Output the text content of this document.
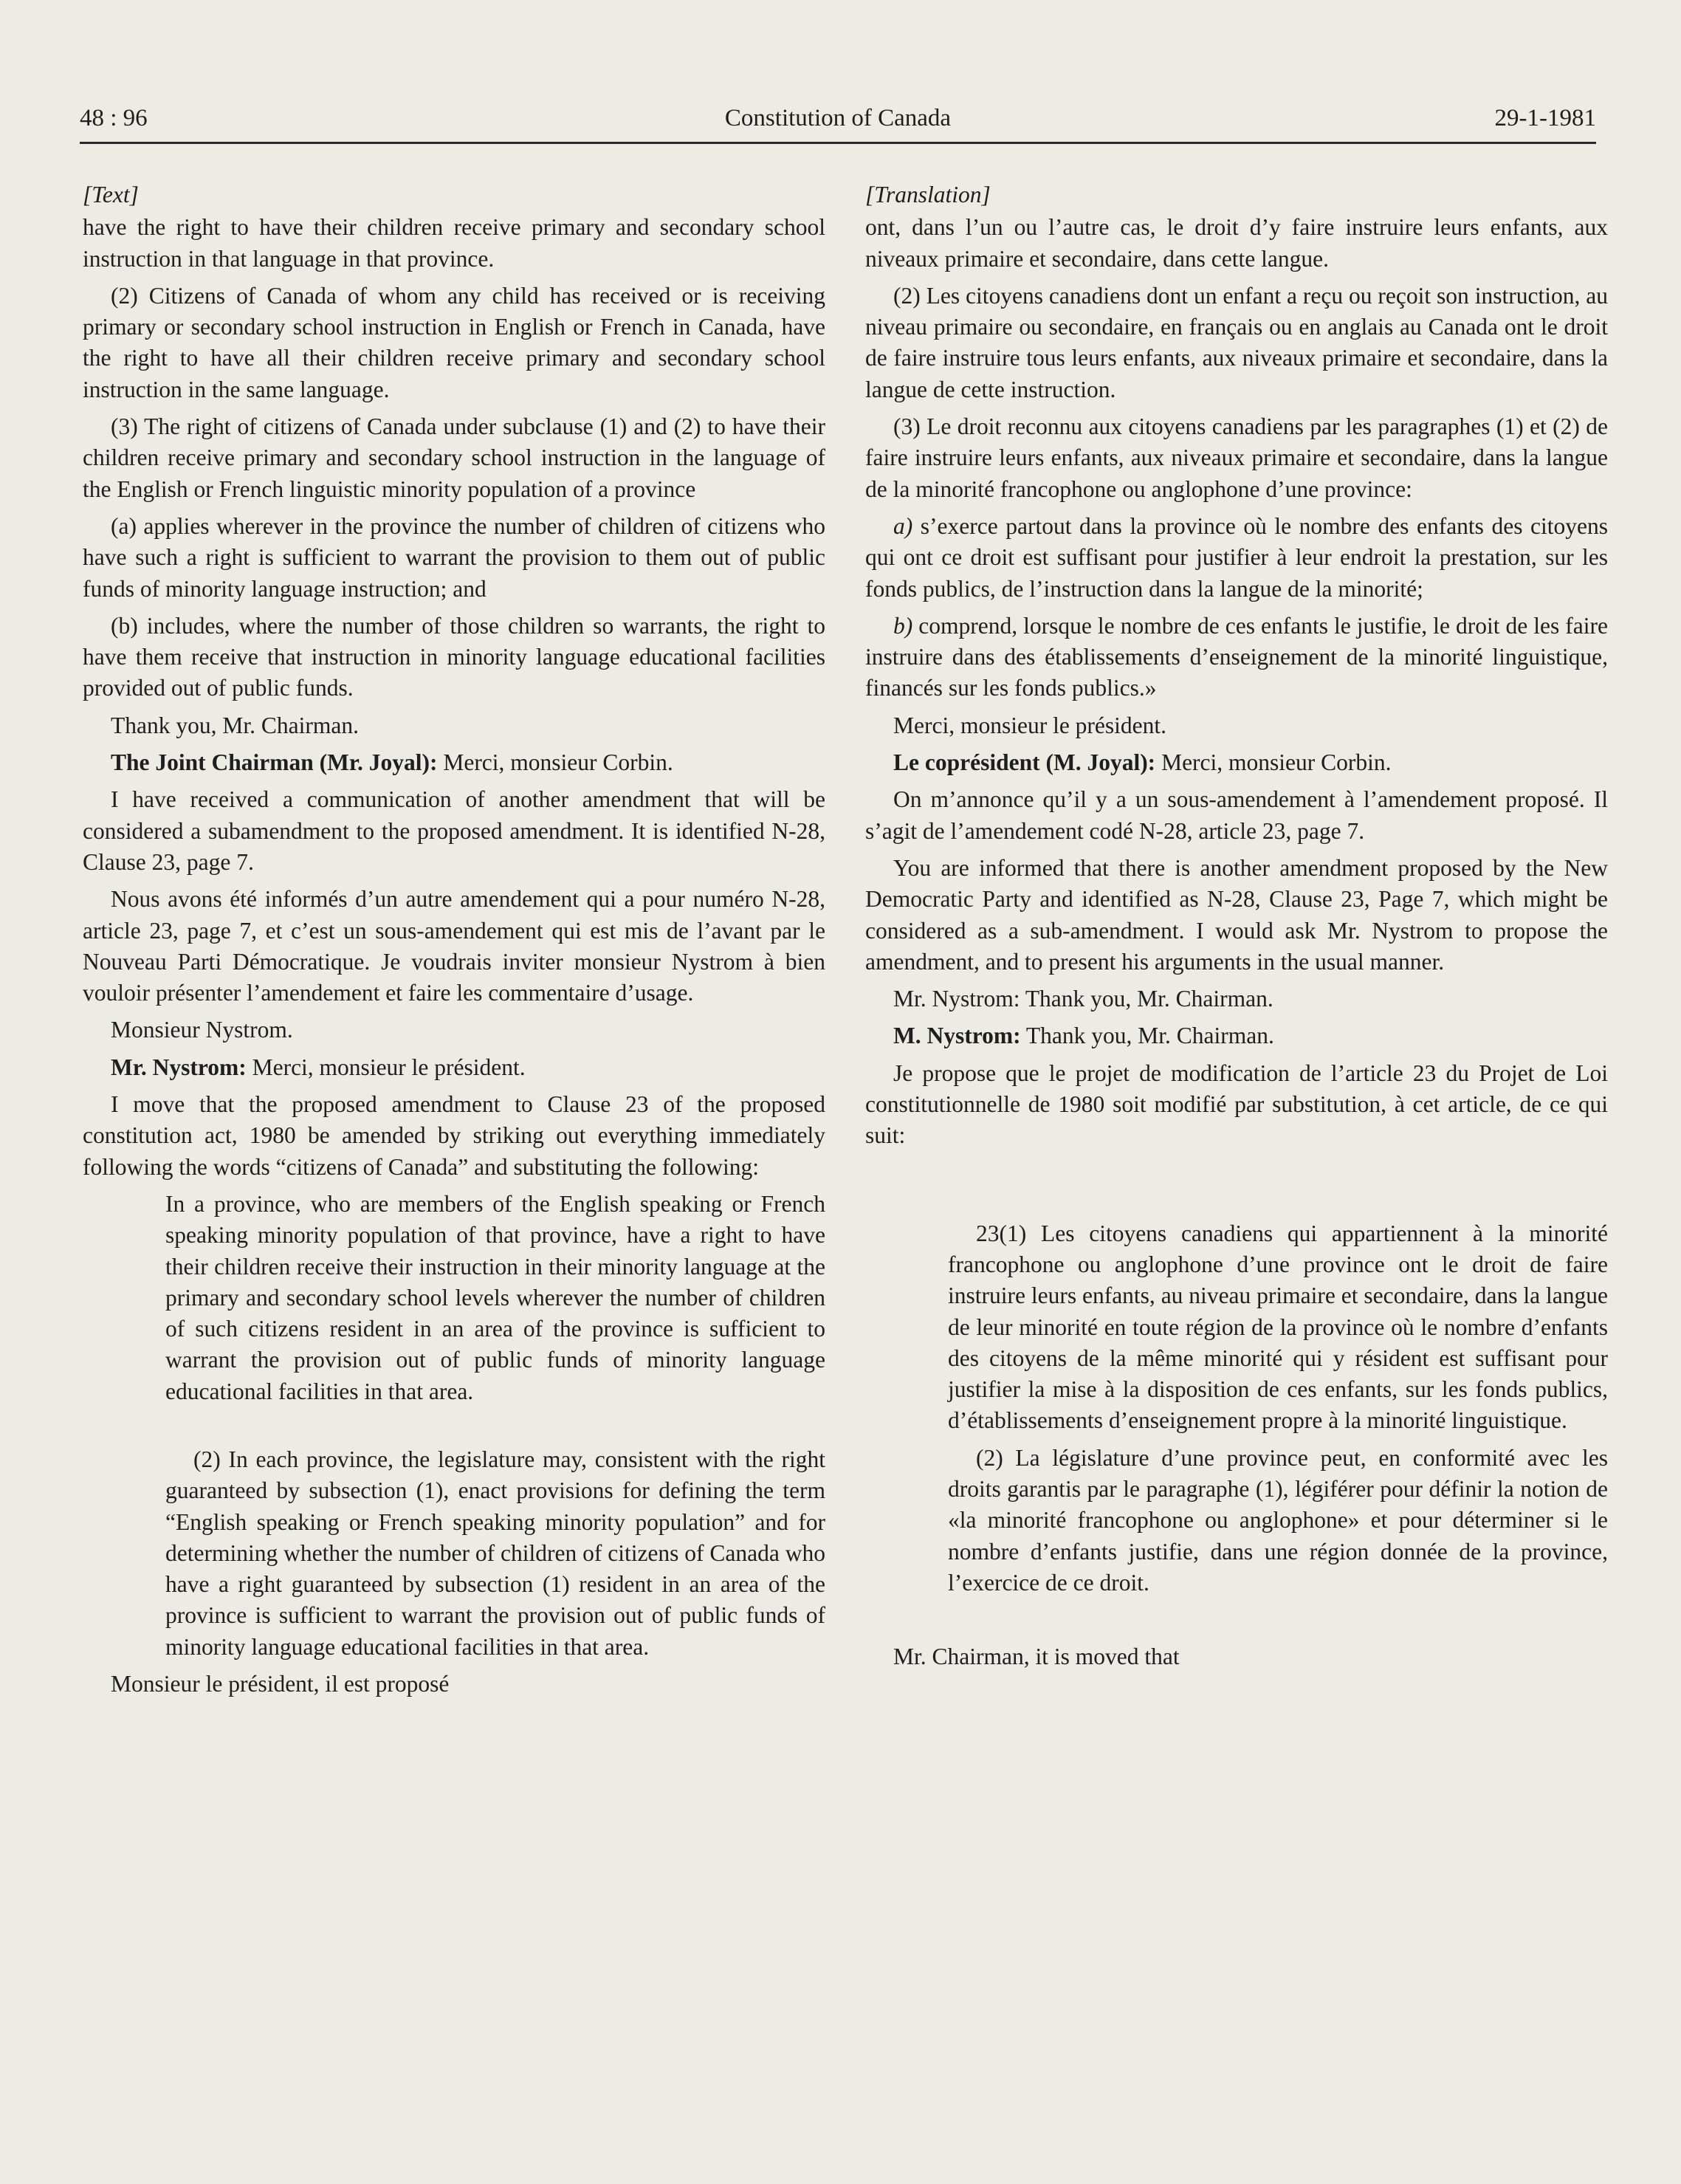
48 : 96	Constitution of Canada	29-1-1981

[Text]

have the right to have their children receive primary and secondary school instruction in that language in that province.

(2) Citizens of Canada of whom any child has received or is receiving primary or secondary school instruction in English or French in Canada, have the right to have all their children receive primary and secondary school instruction in the same language.

(3) The right of citizens of Canada under subclause (1) and (2) to have their children receive primary and secondary school instruction in the language of the English or French linguistic minority population of a province

(a) applies wherever in the province the number of children of citizens who have such a right is sufficient to warrant the provision to them out of public funds of minority language instruction; and

(b) includes, where the number of those children so warrants, the right to have them receive that instruction in minority language educational facilities provided out of public funds.

Thank you, Mr. Chairman.

The Joint Chairman (Mr. Joyal): Merci, monsieur Corbin.

I have received a communication of another amendment that will be considered a subamendment to the proposed amendment. It is identified N-28, Clause 23, page 7.

Nous avons été informés d’un autre amendement qui a pour numéro N-28, article 23, page 7, et c’est un sous-amendement qui est mis de l’avant par le Nouveau Parti Démocratique. Je voudrais inviter monsieur Nystrom à bien vouloir présenter l’amendement et faire les commentaire d’usage.

Monsieur Nystrom.

Mr. Nystrom: Merci, monsieur le président.

I move that the proposed amendment to Clause 23 of the proposed constitution act, 1980 be amended by striking out everything immediately following the words “citizens of Canada” and substituting the following:

In a province, who are members of the English speaking or French speaking minority population of that province, have a right to have their children receive their instruction in their minority language at the primary and secondary school levels wherever the number of children of such citizens resident in an area of the province is sufficient to warrant the provision out of public funds of minority language educational facilities in that area.

(2) In each province, the legislature may, consistent with the right guaranteed by subsection (1), enact provisions for defining the term “English speaking or French speaking minority population” and for determining whether the number of children of citizens of Canada who have a right guaranteed by subsection (1) resident in an area of the province is sufficient to warrant the provision out of public funds of minority language educational facilities in that area.

Monsieur le président, il est proposé

[Translation]

ont, dans l’un ou l’autre cas, le droit d’y faire instruire leurs enfants, aux niveaux primaire et secondaire, dans cette langue.

(2) Les citoyens canadiens dont un enfant a reçu ou reçoit son instruction, au niveau primaire ou secondaire, en français ou en anglais au Canada ont le droit de faire instruire tous leurs enfants, aux niveaux primaire et secondaire, dans la langue de cette instruction.

(3) Le droit reconnu aux citoyens canadiens par les paragraphes (1) et (2) de faire instruire leurs enfants, aux niveaux primaire et secondaire, dans la langue de la minorité francophone ou anglophone d’une province:

a) s’exerce partout dans la province où le nombre des enfants des citoyens qui ont ce droit est suffisant pour justifier à leur endroit la prestation, sur les fonds publics, de l’instruction dans la langue de la minorité;

b) comprend, lorsque le nombre de ces enfants le justifie, le droit de les faire instruire dans des établissements d’enseignement de la minorité linguistique, financés sur les fonds publics.»

Merci, monsieur le président.

Le coprésident (M. Joyal): Merci, monsieur Corbin.

On m’annonce qu’il y a un sous-amendement à l’amendement proposé. Il s’agit de l’amendement codé N-28, article 23, page 7.

You are informed that there is another amendment proposed by the New Democratic Party and identified as N-28, Clause 23, Page 7, which might be considered as a sub-amendment. I would ask Mr. Nystrom to propose the amendment, and to present his arguments in the usual manner.

Mr. Nystrom: Thank you, Mr. Chairman.

M. Nystrom: Thank you, Mr. Chairman.

Je propose que le projet de modification de l’article 23 du Projet de Loi constitutionnelle de 1980 soit modifié par substitution, à cet article, de ce qui suit:

23(1) Les citoyens canadiens qui appartiennent à la minorité francophone ou anglophone d’une province ont le droit de faire instruire leurs enfants, au niveau primaire et secondaire, dans la langue de leur minorité en toute région de la province où le nombre d’enfants des citoyens de la même minorité qui y résident est suffisant pour justifier la mise à la disposition de ces enfants, sur les fonds publics, d’établissements d’enseignement propre à la minorité linguistique.

(2) La législature d’une province peut, en conformité avec les droits garantis par le paragraphe (1), légiférer pour définir la notion de «la minorité francophone ou anglophone» et pour déterminer si le nombre d’enfants justifie, dans une région donnée de la province, l’exercice de ce droit.

Mr. Chairman, it is moved that
